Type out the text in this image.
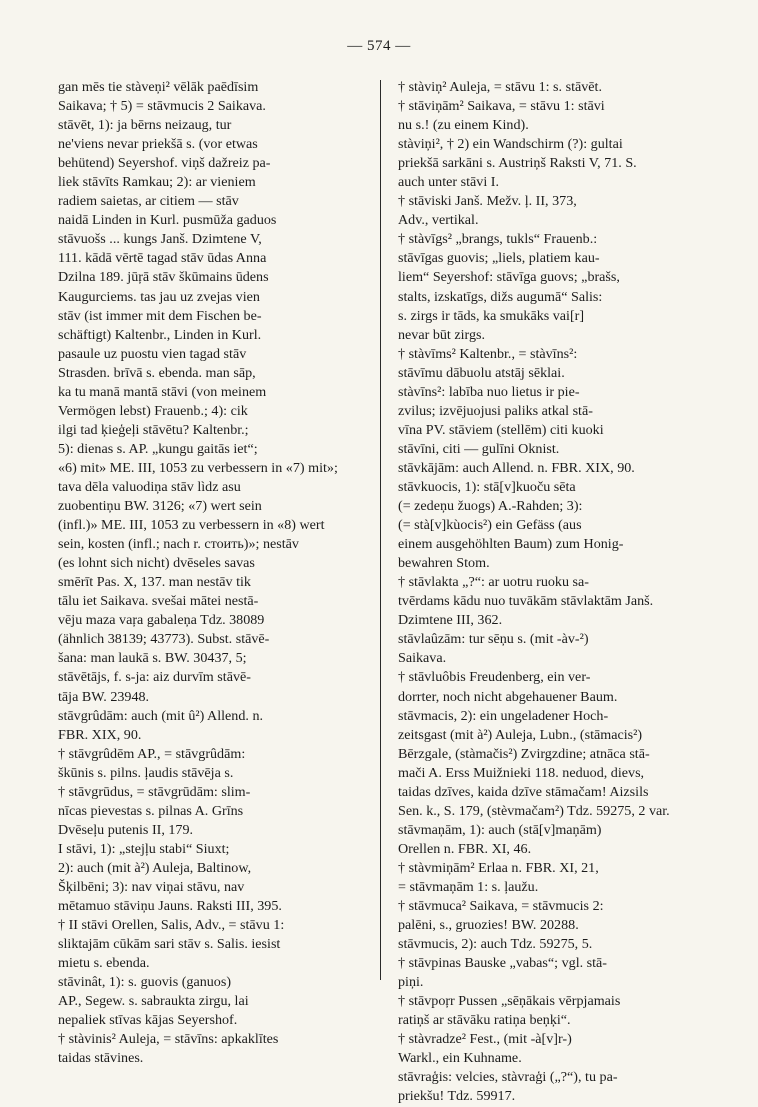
— 574 —
gan mēs tie stàveņi² vēlāk paēdīsim
Saikava; † 5) = stāvmucis 2 Saikava.
stāvēt, 1): ja bērns neizaug, tur
ne'viens nevar priekšā s. (vor etwas
behütend) Seyershof. viņš dažreiz pa-
liek stāvīts Ramkau; 2): ar vieniem
radiem saietas, ar citiem — stāv
naidā Linden in Kurl. pusmūža gaduos
stāvuošs ... kungs Janš. Dzimtene V,
111. kādā vērtē tagad stāv ūdas Anna
Dzilna 189. jūŗā stāv škūmains ūdens
Kaugurciems. tas jau uz zvejas vien
stāv (ist immer mit dem Fischen be-
schäftigt) Kaltenbr., Linden in Kurl.
pasaule uz puostu vien tagad stāv
Strasden. brīvā s. ebenda. man sāp,
ka tu manā mantā stāvi (von meinem
Vermögen lebst) Frauenb.; 4): cik
ilgi tad ķieģeļi stāvētu? Kaltenbr.;
5): dienas s. AP. „kungu gaitās iet“;
«6) mit» ME. III, 1053 zu verbessern in «7) mit»;
tava dēla valuodiņa stāv lìdz asu
zuobentiņu BW. 3126; «7) wert sein
(infl.)» ME. III, 1053 zu verbessern in «8) wert
sein, kosten (infl.; nach r. стоить)»; nestāv
(es lohnt sich nicht) dvēseles savas
smērīt Pas. X, 137. man nestāv tik
tālu iet Saikava. svešai mātei nestā-
vēju maza vaŗa gabaleņa Tdz. 38089
(ähnlich 38139; 43773). Subst. stāvē-
šana: man laukā s. BW. 30437, 5;
stāvētājs, f. s-ja: aiz durvīm stāvē-
tāja BW. 23948.
stāvgrûdām: auch (mit û²) Allend. n.
FBR. XIX, 90.
† stāvgrûdēm AP., = stāvgrûdām:
škūnis s. pilns. ļaudis stāvēja s.
† stāvgrūdus, = stāvgrūdām: slim-
nīcas pievestas s. pilnas A. Grīns
Dvēseļu putenis II, 179.
I stāvi, 1): „stejļu stabi“ Siuxt;
2): auch (mit à²) Auleja, Baltinow,
Šķilbēni; 3): nav viņai stāvu, nav
mētamuo stāviņu Jauns. Raksti III, 395.
† II stāvi Orellen, Salis, Adv., = stāvu 1:
sliktajām cūkām sari stāv s. Salis. iesist
mietu s. ebenda.
stāvinât, 1): s. guovis (ganuos)
AP., Segew. s. sabraukta zirgu, lai
nepaliek stīvas kājas Seyershof.
† stàvinis² Auleja, = stāvīns: apkaklītes
taidas stāvines.
† stàviņ² Auleja, = stāvu 1: s. stāvēt.
† stāviņām² Saikava, = stāvu 1: stāvi
nu s.! (zu einem Kind).
stàviņi², † 2) ein Wandschirm (?): gultai
priekšā sarkāni s. Austriņš Raksti V, 71. S.
auch unter stāvi I.
† stāviski Janš. Mežv. ļ. II, 373,
Adv., vertikal.
† stàvīgs² „brangs, tukls“ Frauenb.:
stāvīgas guovis; „liels, platiem kau-
liem“ Seyershof: stāvīga guovs; „brašs,
stalts, izskatīgs, dižs augumā“ Salis:
s. zirgs ir tāds, ka smukāks vai[r]
nevar būt zirgs.
† stàvīms² Kaltenbr., = stàvīns²:
stāvīmu dābuolu atstāj sēklai.
stàvīns²: labība nuo lietus ir pie-
zvilus; izvējuojusi paliks atkal stā-
vīna PV. stāviem (stellēm) citi kuoki
stāvīni, citi — gulīni Oknist.
stāvkājām: auch Allend. n. FBR. XIX, 90.
stāvkuocis, 1): stā[v]kuoču sēta
(= zedeņu žuogs) A.-Rahden; 3):
(= stà[v]kùocis²) ein Gefäss (aus
einem ausgehöhlten Baum) zum Honig-
bewahren Stom.
† stāvlakta „?“: ar uotru ruoku sa-
tvērdams kādu nuo tuvākām stāvlaktām Janš.
Dzimtene III, 362.
stāvlaûzām: tur sēņu s. (mit -àv-²)
Saikava.
† stāvluôbis Freudenberg, ein ver-
dorrter, noch nicht abgehauener Baum.
stāvmacis, 2): ein ungeladener Hoch-
zeitsgast (mit à²) Auleja, Lubn., (stāmacis²)
Bērzgale, (stàmačis²) Zvirgzdine; atnāca stā-
mači A. Erss Muižnieki 118. neduod, dievs,
taidas dzīves, kaida dzīve stāmačam! Aizsils
Sen. k., S. 179, (stèvmačam²) Tdz. 59275, 2 var.
stāvmaņām, 1): auch (stā[v]maņām)
Orellen n. FBR. XI, 46.
† stàvmiņām² Erlaa n. FBR. XI, 21,
= stāvmaņām 1: s. ļaužu.
† stāvmuca² Saikava, = stāvmucis 2:
palēni, s., gruozies! BW. 20288.
stāvmucis, 2): auch Tdz. 59275, 5.
† stāvpinas Bauske „vabas“; vgl. stā-
piņi.
† stāvpoŗr Pussen „sēņākais vērpjamais
ratiņš ar stāvāku ratiņa beņķi“.
† stàvradze² Fest., (mit -à[v]r-)
Warkl., ein Kuhname.
stāvraģis: velcies, stàvraģi („?“), tu pa-
priekšu! Tdz. 59917.
